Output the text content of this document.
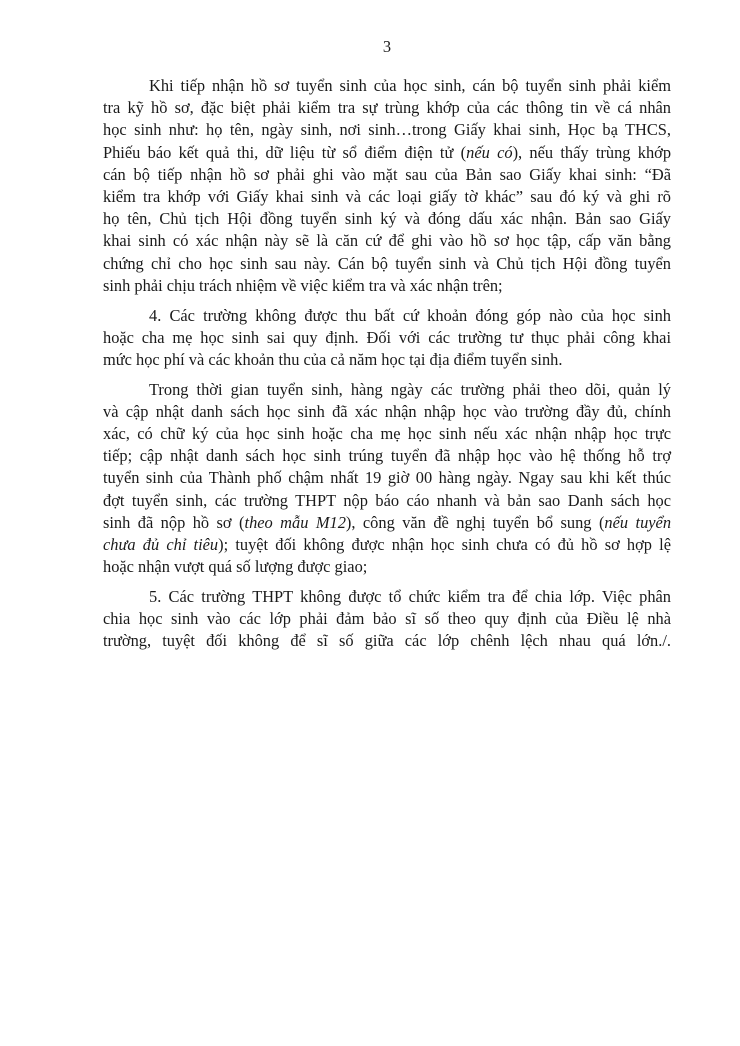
3
Khi tiếp nhận hồ sơ tuyển sinh của học sinh, cán bộ tuyển sinh phải kiểm
tra kỹ hồ sơ, đặc biệt phải kiểm tra sự trùng khớp của các thông tin về cá nhân
học sinh như: họ tên, ngày sinh, nơi sinh…trong Giấy khai sinh, Học bạ THCS,
Phiếu báo kết quả thi, dữ liệu từ sổ điểm điện tử (nếu có), nếu thấy trùng khớp
cán bộ tiếp nhận hồ sơ phải ghi vào mặt sau của Bản sao Giấy khai sinh: “Đã
kiểm tra khớp với Giấy khai sinh và các loại giấy tờ khác” sau đó ký và ghi rõ
họ tên, Chủ tịch Hội đồng tuyển sinh ký và đóng dấu xác nhận. Bản sao Giấy
khai sinh có xác nhận này sẽ là căn cứ để ghi vào hồ sơ học tập, cấp văn bằng
chứng chỉ cho học sinh sau này. Cán bộ tuyển sinh và Chủ tịch Hội đồng tuyển
sinh phải chịu trách nhiệm về việc kiểm tra và xác nhận trên;
4. Các trường không được thu bất cứ khoản đóng góp nào của học sinh
hoặc cha mẹ học sinh sai quy định. Đối với các trường tư thục phải công khai
mức học phí và các khoản thu của cả năm học tại địa điểm tuyển sinh.
Trong thời gian tuyển sinh, hàng ngày các trường phải theo dõi, quản lý
và cập nhật danh sách học sinh đã xác nhận nhập học vào trường đầy đủ, chính
xác, có chữ ký của học sinh hoặc cha mẹ học sinh nếu xác nhận nhập học trực
tiếp; cập nhật danh sách học sinh trúng tuyển đã nhập học vào hệ thống hỗ trợ
tuyển sinh của Thành phố chậm nhất 19 giờ 00 hàng ngày. Ngay sau khi kết thúc
đợt tuyển sinh, các trường THPT nộp báo cáo nhanh và bản sao Danh sách học
sinh đã nộp hồ sơ (theo mẫu M12), công văn đề nghị tuyển bổ sung (nếu tuyển
chưa đủ chỉ tiêu); tuyệt đối không được nhận học sinh chưa có đủ hồ sơ hợp lệ
hoặc nhận vượt quá số lượng được giao;
5. Các trường THPT không được tổ chức kiểm tra để chia lớp. Việc phân
chia học sinh vào các lớp phải đảm bảo sĩ số theo quy định của Điều lệ nhà
trường, tuyệt đối không để sĩ số giữa các lớp chênh lệch nhau quá lớn./.
